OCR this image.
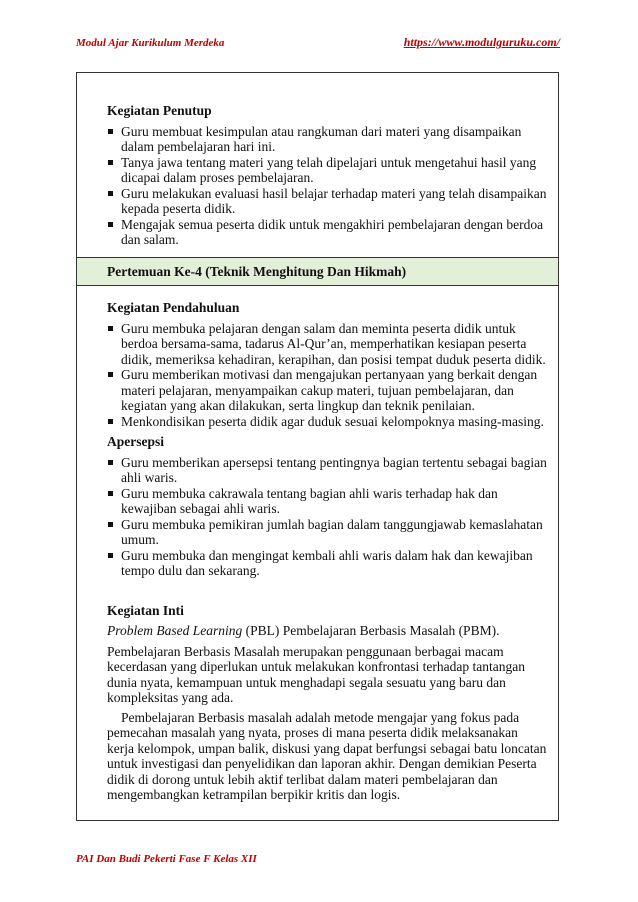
Modul Ajar Kurikulum Merdeka	https://www.modulguruku.com/
Kegiatan Penutup
Guru membuat kesimpulan atau rangkuman dari materi yang disampaikan dalam pembelajaran hari ini.
Tanya jawa tentang materi yang telah dipelajari untuk mengetahui hasil yang dicapai dalam proses pembelajaran.
Guru melakukan evaluasi hasil belajar terhadap materi yang telah disampaikan kepada peserta didik.
Mengajak semua peserta didik untuk mengakhiri pembelajaran dengan berdoa dan salam.
Pertemuan Ke-4 (Teknik Menghitung Dan Hikmah)
Kegiatan Pendahuluan
Guru membuka pelajaran dengan salam dan meminta peserta didik untuk berdoa bersama-sama, tadarus Al-Qur’an, memperhatikan kesiapan peserta didik, memeriksa kehadiran, kerapihan, dan posisi tempat duduk peserta didik.
Guru memberikan motivasi dan mengajukan pertanyaan yang berkait dengan materi pelajaran, menyampaikan cakup materi, tujuan pembelajaran, dan kegiatan yang akan dilakukan, serta lingkup dan teknik penilaian.
Menkondisikan peserta didik agar duduk sesuai kelompoknya masing-masing.
Apersepsi
Guru memberikan apersepsi tentang pentingnya bagian tertentu sebagai bagian ahli waris.
Guru membuka cakrawala tentang bagian ahli waris terhadap hak dan kewajiban sebagai ahli waris.
Guru membuka pemikiran jumlah bagian dalam tanggungjawab kemaslahatan umum.
Guru membuka dan mengingat kembali ahli waris dalam hak dan kewajiban tempo dulu dan sekarang.
Kegiatan Inti

Problem Based Learning (PBL) Pembelajaran Berbasis Masalah (PBM).

Pembelajaran Berbasis Masalah merupakan penggunaan berbagai macam kecerdasan yang diperlukan untuk melakukan konfrontasi terhadap tantangan dunia nyata, kemampuan untuk menghadapi segala sesuatu yang baru dan kompleksitas yang ada.

Pembelajaran Berbasis masalah adalah metode mengajar yang fokus pada pemecahan masalah yang nyata, proses di mana peserta didik melaksanakan kerja kelompok, umpan balik, diskusi yang dapat berfungsi sebagai batu loncatan untuk investigasi dan penyelidikan dan laporan akhir. Dengan demikian Peserta didik di dorong untuk lebih aktif terlibat dalam materi pembelajaran dan mengembangkan ketrampilan berpikir kritis dan logis.

PAI Dan Budi Pekerti Fase F Kelas XII
